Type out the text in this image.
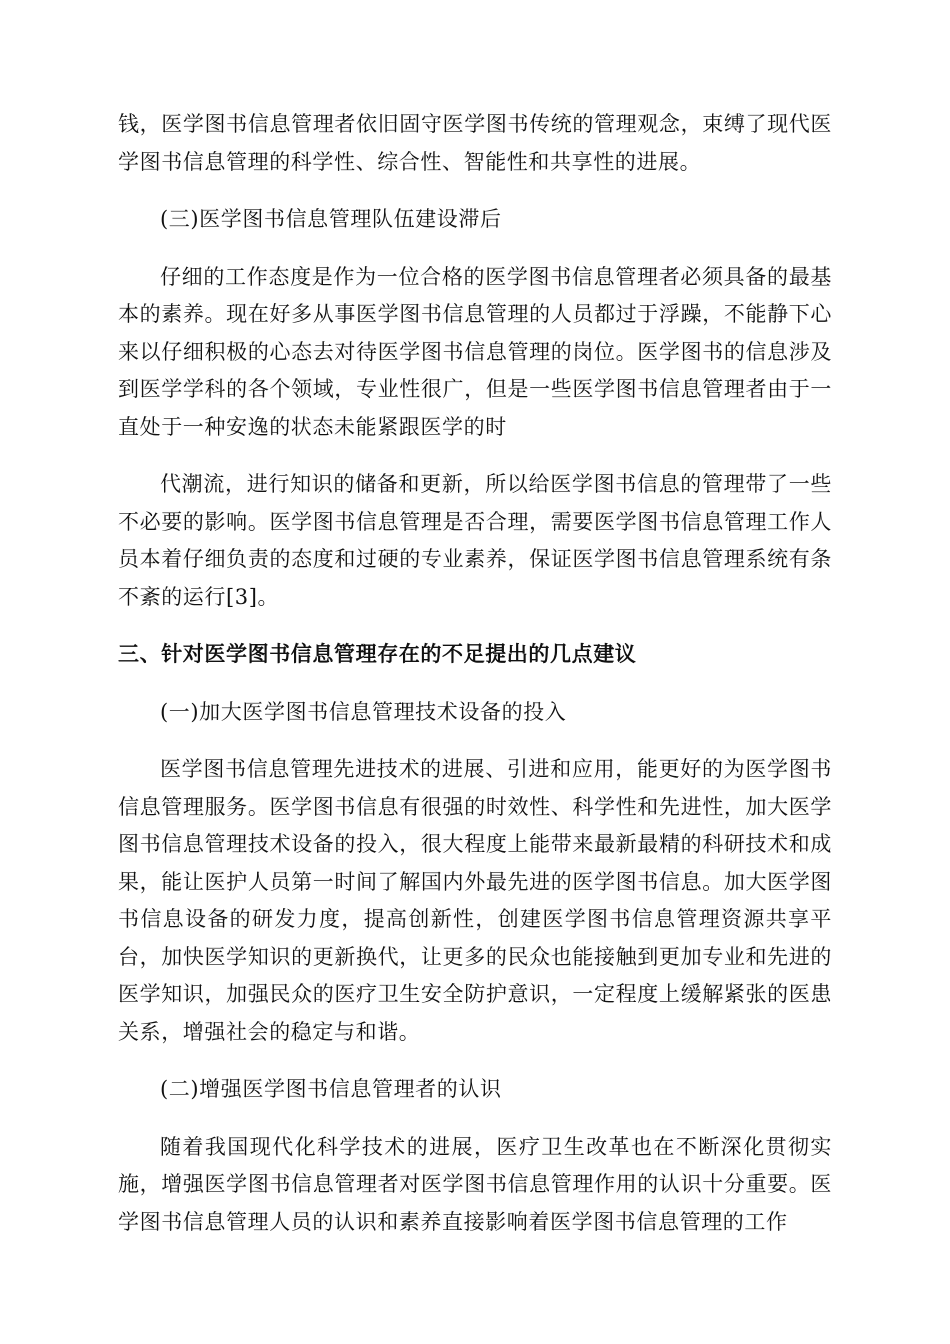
钱，医学图书信息管理者依旧固守医学图书传统的管理观念，束缚了现代医学图书信息管理的科学性、综合性、智能性和共享性的进展。

(三)医学图书信息管理队伍建设滞后

仔细的工作态度是作为一位合格的医学图书信息管理者必须具备的最基本的素养。现在好多从事医学图书信息管理的人员都过于浮躁，不能静下心来以仔细积极的心态去对待医学图书信息管理的岗位。医学图书的信息涉及到医学学科的各个领域，专业性很广，但是一些医学图书信息管理者由于一直处于一种安逸的状态未能紧跟医学的时

代潮流，进行知识的储备和更新，所以给医学图书信息的管理带了一些不必要的影响。医学图书信息管理是否合理，需要医学图书信息管理工作人员本着仔细负责的态度和过硬的专业素养，保证医学图书信息管理系统有条不紊的运行[3]。

三、针对医学图书信息管理存在的不足提出的几点建议

(一)加大医学图书信息管理技术设备的投入

医学图书信息管理先进技术的进展、引进和应用，能更好的为医学图书信息管理服务。医学图书信息有很强的时效性、科学性和先进性，加大医学图书信息管理技术设备的投入，很大程度上能带来最新最精的科研技术和成果，能让医护人员第一时间了解国内外最先进的医学图书信息。加大医学图书信息设备的研发力度，提高创新性，创建医学图书信息管理资源共享平台，加快医学知识的更新换代，让更多的民众也能接触到更加专业和先进的医学知识，加强民众的医疗卫生安全防护意识，一定程度上缓解紧张的医患关系，增强社会的稳定与和谐。

(二)增强医学图书信息管理者的认识

随着我国现代化科学技术的进展，医疗卫生改革也在不断深化贯彻实施，增强医学图书信息管理者对医学图书信息管理作用的认识十分重要。医学图书信息管理人员的认识和素养直接影响着医学图书信息管理的工作
